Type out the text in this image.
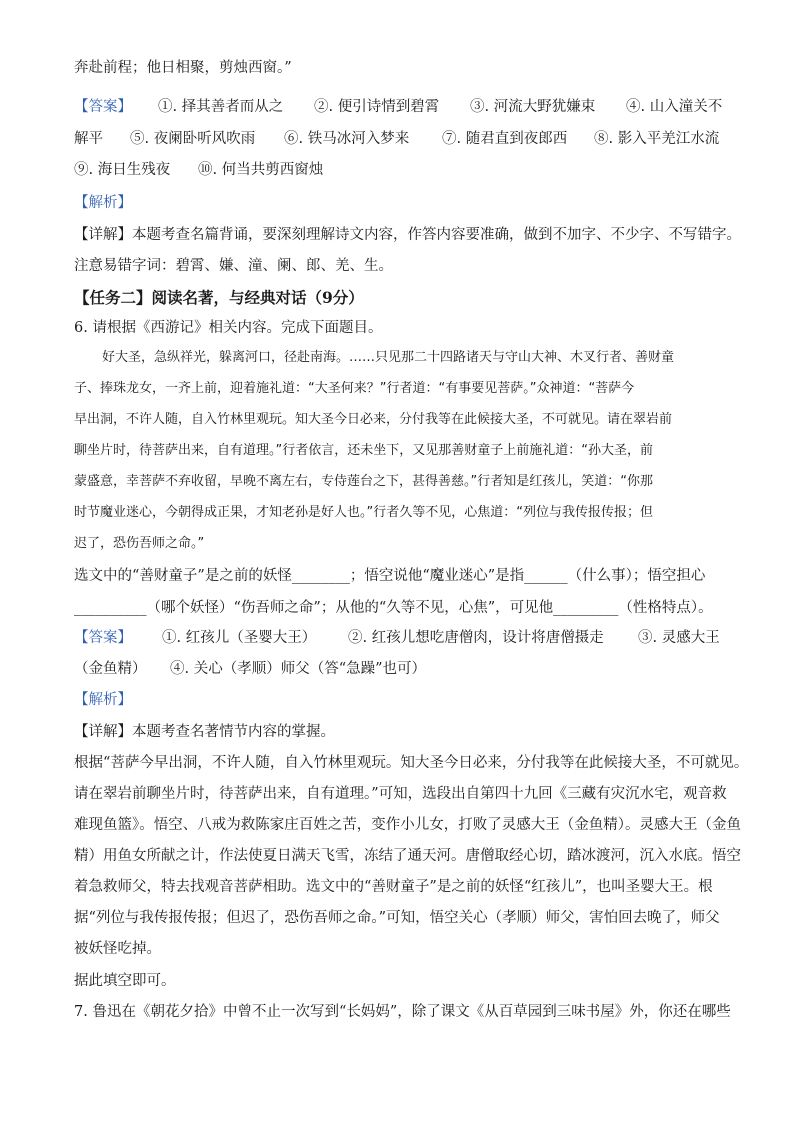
奔赴前程；他日相聚，剪烛西窗。”
【答案】 ①. 择其善者而从之 ②. 便引诗情到碧霄 ③. 河流大野犹嫌束 ④. 山入潼关不
解平 ⑤. 夜阑卧听风吹雨 ⑥. 铁马冰河入梦来 ⑦. 随君直到夜郎西 ⑧. 影入平羌江水流
⑨. 海日生残夜 ⑩. 何当共剪西窗烛
【解析】
【详解】本题考查名篇背诵，要深刻理解诗文内容，作答内容要准确，做到不加字、不少字、不写错字。
注意易错字词：碧霄、嫌、潼、阑、郎、羌、生。
【任务二】阅读名著，与经典对话（9分）
6. 请根据《西游记》相关内容。完成下面题目。
好大圣，急纵祥光，躲离河口，径赴南海。……只见那二十四路诸天与守山大神、木叉行者、善财童
子、捧珠龙女，一齐上前，迎着施礼道：“大圣何来？”行者道：“有事要见菩萨。”众神道：“菩萨今
早出洞，不许人随，自入竹林里观玩。知大圣今日必来，分付我等在此候接大圣，不可就见。请在翠岩前
聊坐片时，待菩萨出来，自有道理。”行者依言，还未坐下，又见那善财童子上前施礼道：“孙大圣，前
蒙盛意，幸菩萨不弃收留，早晚不离左右，专侍莲台之下，甚得善慈。”行者知是红孩儿，笑道：“你那
时节魔业迷心，今朝得成正果，才知老孙是好人也。”行者久等不见，心焦道：“列位与我传报传报；但
迟了，恐伤吾师之命。”
选文中的“善财童子”是之前的妖怪________；悟空说他“魔业迷心”是指______（什么事）；悟空担心
__________（哪个妖怪）“伤吾师之命”；从他的“久等不见，心焦”，可见他_________（性格特点）。
【答案】 ①. 红孩儿（圣婴大王） ②. 红孩儿想吃唐僧肉，设计将唐僧摄走 ③. 灵感大王
（金鱼精） ④. 关心（孝顺）师父（答“急躁”也可）
【解析】
【详解】本题考查名著情节内容的掌握。
根据“菩萨今早出洞，不许人随，自入竹林里观玩。知大圣今日必来，分付我等在此候接大圣，不可就见。
请在翠岩前聊坐片时，待菩萨出来，自有道理。”可知，选段出自第四十九回《三藏有灾沉水宅，观音救
难现鱼篮》。悟空、八戒为救陈家庄百姓之苦，变作小儿女，打败了灵感大王（金鱼精）。灵感大王（金鱼
精）用鱼女所献之计，作法使夏日满天飞雪，冻结了通天河。唐僧取经心切，踏冰渡河，沉入水底。悟空
着急救师父，特去找观音菩萨相助。选文中的“善财童子”是之前的妖怪“红孩儿”，也叫圣婴大王。根
据“列位与我传报传报；但迟了，恐伤吾师之命。”可知，悟空关心（孝顺）师父，害怕回去晚了，师父
被妖怪吃掉。
据此填空即可。
7. 鲁迅在《朝花夕拾》中曾不止一次写到“长妈妈”，除了课文《从百草园到三味书屋》外，你还在哪些
